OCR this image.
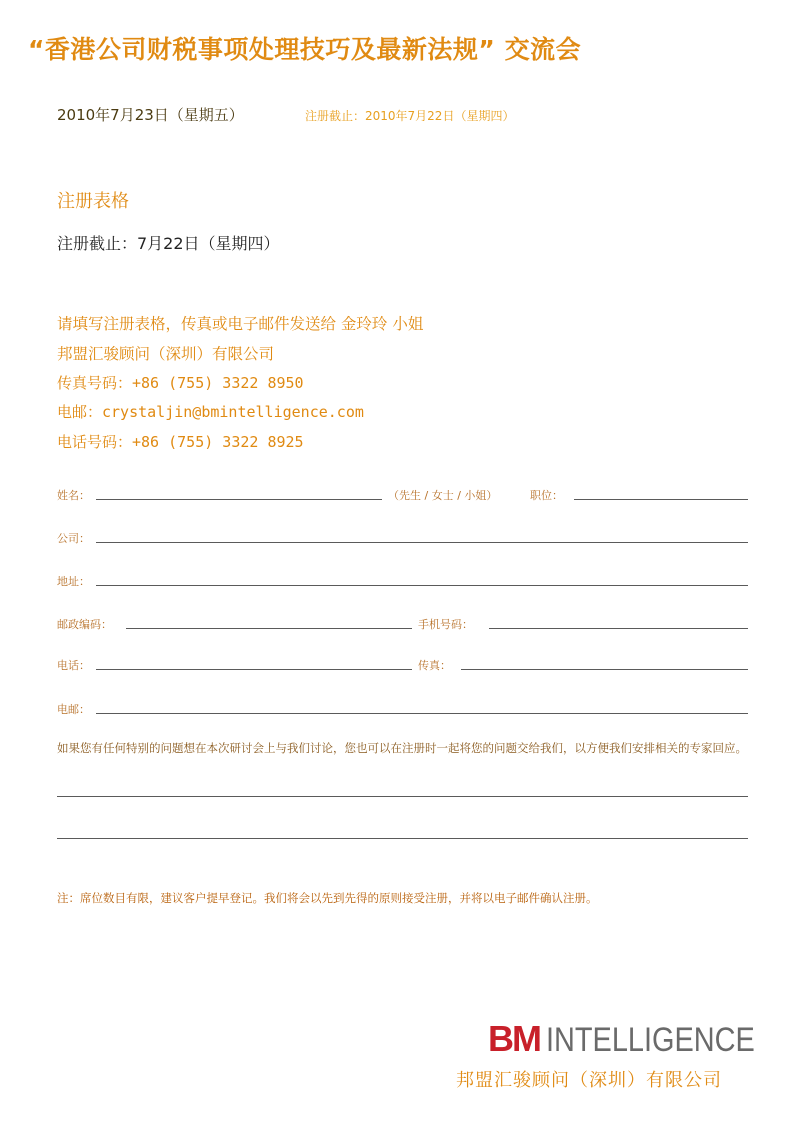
“香港公司财税事项处理技巧及最新法规” 交流会
2010年7月23日（星期五）	注册截止：2010年7月22日（星期四）
注册表格
注册截止：7月22日（星期四）
请填写注册表格，传真或电子邮件发送给 金玲玲 小姐
邦盟汇骏顾问（深圳）有限公司
传真号码：+86 (755) 3322 8950
电邮：crystaljin@bmintelligence.com
电话号码：+86 (755) 3322 8925
姓名：	（先生 / 女士 / 小姐）	职位：
公司：
地址：
邮政编码：	手机号码：
电话：	传真：
电邮：
如果您有任何特别的问题想在本次研讨会上与我们讨论，您也可以在注册时一起将您的问题交给我们，以方便我们安排相关的专家回应。
注：席位数目有限，建议客户提早登记。我们将会以先到先得的原则接受注册，并将以电子邮件确认注册。
BM INTELLIGENCE
邦盟汇骏顾问（深圳）有限公司
